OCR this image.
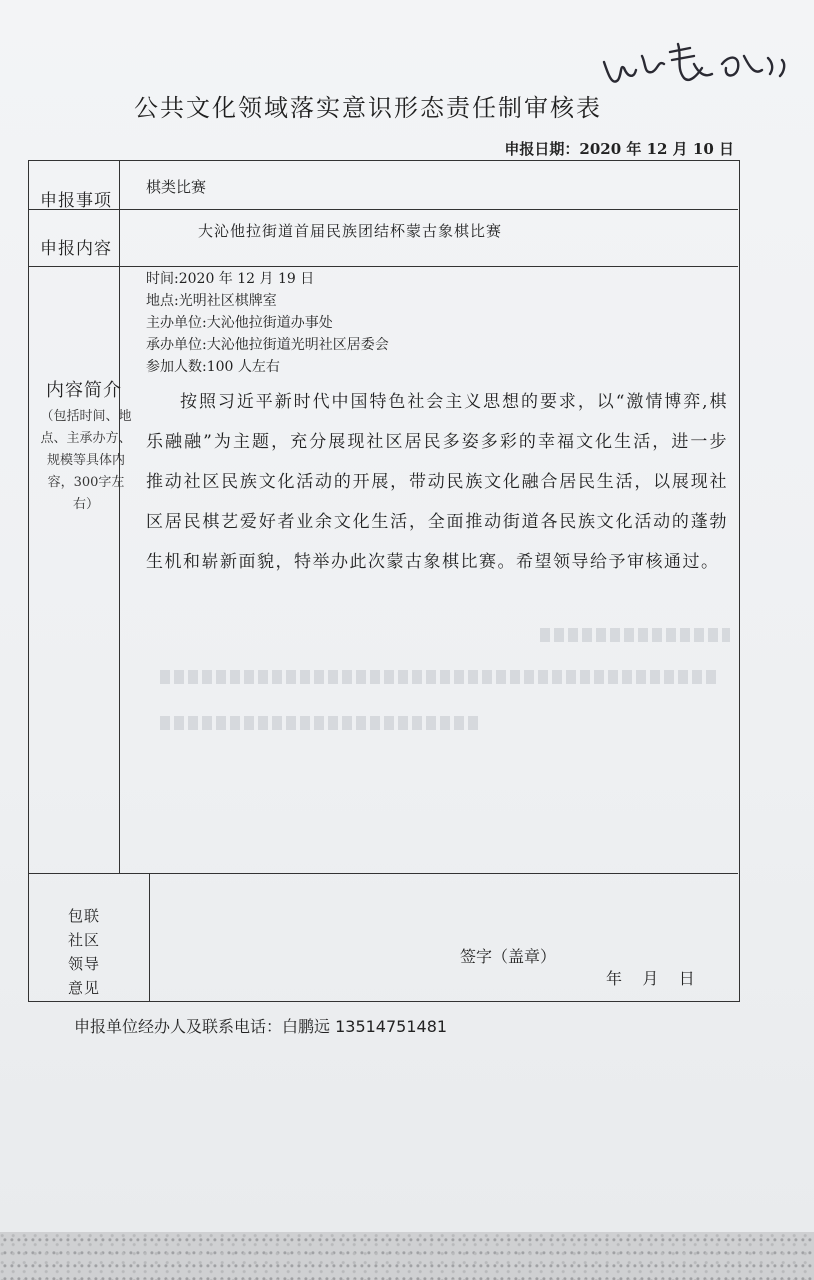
公共文化领域落实意识形态责任制审核表
申报日期：2020 年 12 月 10 日
申报事项
棋类比赛
申报内容
大沁他拉街道首届民族团结杯蒙古象棋比赛
内容简介
（包括时间、地点、主承办方、规模等具体内容，300字左右）
时间:2020 年 12 月 19 日
地点:光明社区棋牌室
主办单位:大沁他拉街道办事处
承办单位:大沁他拉街道光明社区居委会
参加人数:100 人左右
按照习近平新时代中国特色社会主义思想的要求，以“激情博弈,棋乐融融”为主题，充分展现社区居民多姿多彩的幸福文化生活，进一步推动社区民族文化活动的开展，带动民族文化融合居民生活，以展现社区居民棋艺爱好者业余文化生活，全面推动街道各民族文化活动的蓬勃生机和崭新面貌，特举办此次蒙古象棋比赛。希望领导给予审核通过。
包联
社区
领导
意见
签字（盖章）
年    月    日
申报单位经办人及联系电话：白鹏远 13514751481
